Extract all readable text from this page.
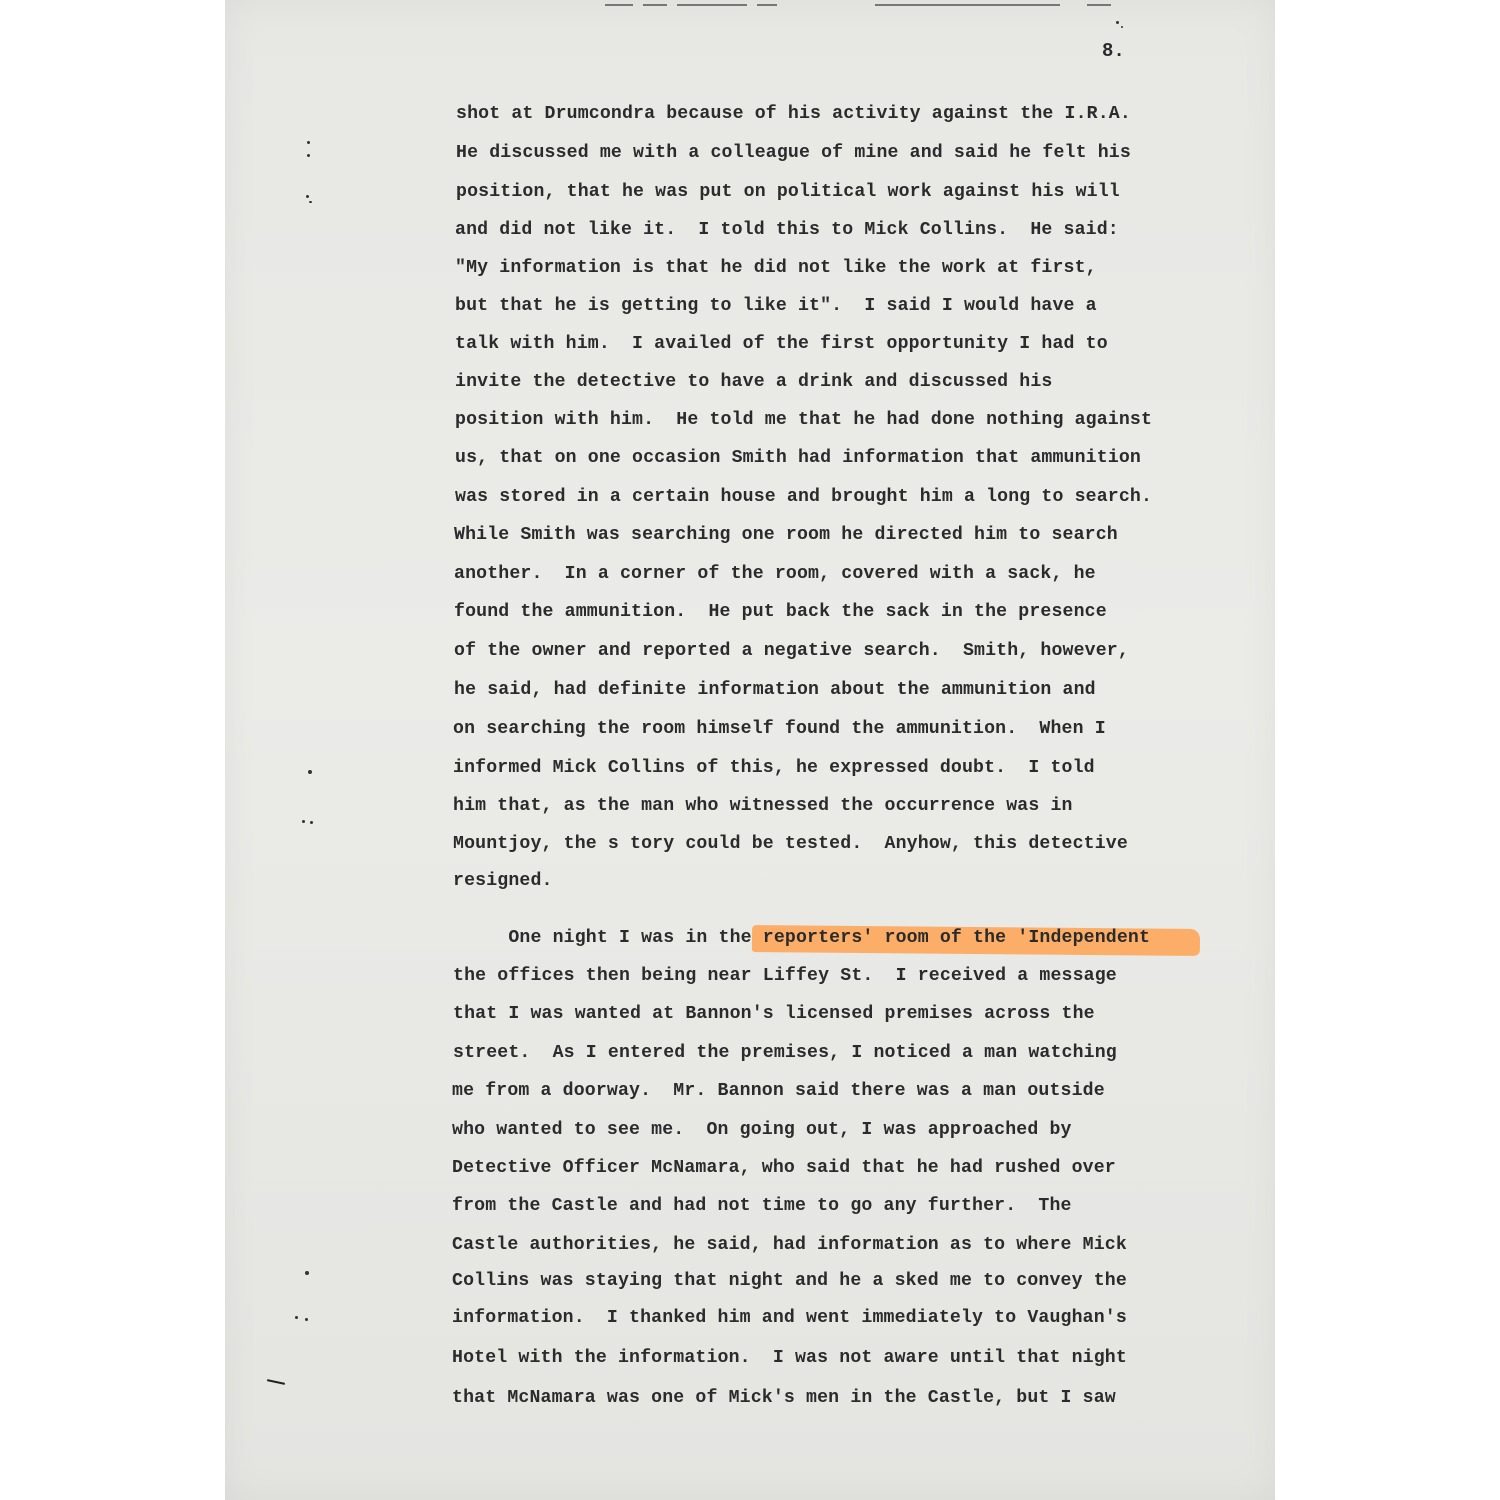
8.

shot at Drumcondra because of his activity against the I.R.A.

He discussed me with a colleague of mine and said he felt his

position, that he was put on political work against his will

and did not like it.  I told this to Mick Collins.  He said:

"My information is that he did not like the work at first,

but that he is getting to like it".  I said I would have a

talk with him.  I availed of the first opportunity I had to

invite the detective to have a drink and discussed his

position with him.  He told me that he had done nothing against

us, that on one occasion Smith had information that ammunition

was stored in a certain house and brought him a long to search.

While Smith was searching one room he directed him to search

another.  In a corner of the room, covered with a sack, he

found the ammunition.  He put back the sack in the presence

of the owner and reported a negative search.  Smith, however,

he said, had definite information about the ammunition and

on searching the room himself found the ammunition.  When I

informed Mick Collins of this, he expressed doubt.  I told

him that, as the man who witnessed the occurrence was in

Mountjoy, the s tory could be tested.  Anyhow, this detective

resigned.

One night I was in the reporters' room of the 'Independent

the offices then being near Liffey St.  I received a message

that I was wanted at Bannon's licensed premises across the

street.  As I entered the premises, I noticed a man watching

me from a doorway.  Mr. Bannon said there was a man outside

who wanted to see me.  On going out, I was approached by

Detective Officer McNamara, who said that he had rushed over

from the Castle and had not time to go any further.  The

Castle authorities, he said, had information as to where Mick

Collins was staying that night and he a sked me to convey the

information.  I thanked him and went immediately to Vaughan's

Hotel with the information.  I was not aware until that night

that McNamara was one of Mick's men in the Castle, but I saw
